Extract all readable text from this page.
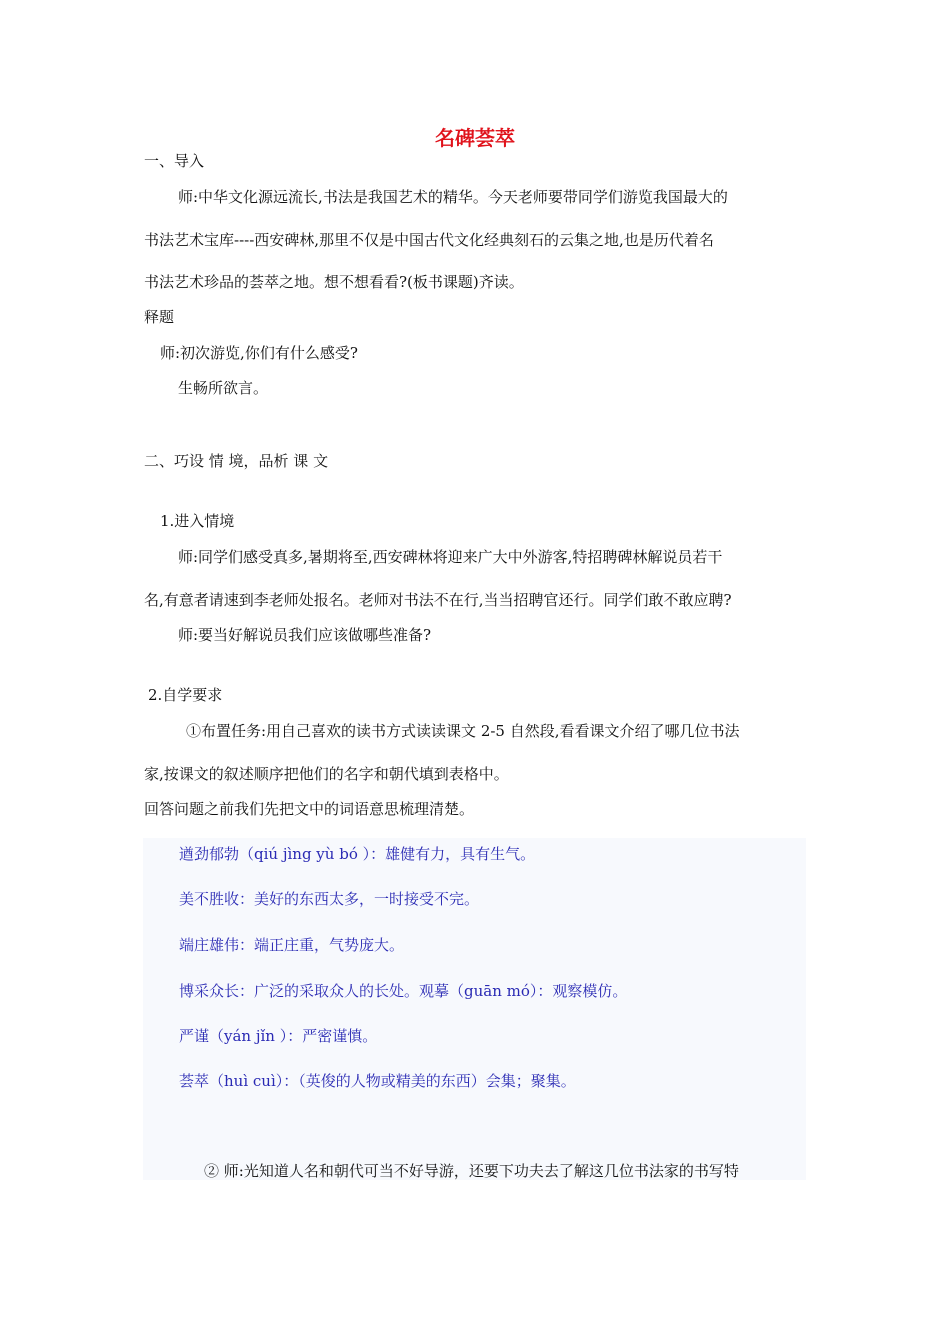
名碑荟萃
一、导入
师:中华文化源远流长,书法是我国艺术的精华。今天老师要带同学们游览我国最大的
书法艺术宝库----西安碑林,那里不仅是中国古代文化经典刻石的云集之地,也是历代着名
书法艺术珍品的荟萃之地。想不想看看?(板书课题)齐读。
释题
师:初次游览,你们有什么感受?
生畅所欲言。
二、巧设 情 境，品析 课 文
1.进入情境
师:同学们感受真多,暑期将至,西安碑林将迎来广大中外游客,特招聘碑林解说员若干
名,有意者请速到李老师处报名。老师对书法不在行,当当招聘官还行。同学们敢不敢应聘?
师:要当好解说员我们应该做哪些准备?
2.自学要求
①布置任务:用自己喜欢的读书方式读读课文 2-5 自然段,看看课文介绍了哪几位书法
家,按课文的叙述顺序把他们的名字和朝代填到表格中。
回答问题之前我们先把文中的词语意思梳理清楚。
遒劲郁勃（qiú jìng yù bó ）：雄健有力，具有生气。
美不胜收：美好的东西太多，一时接受不完。
端庄雄伟：端正庄重，气势庞大。
博采众长：广泛的采取众人的长处。观摹（guān mó）：观察模仿。
严谨（yán jǐn ）：严密谨慎。
荟萃（huì cuì）：（英俊的人物或精美的东西）会集；聚集。
② 师:光知道人名和朝代可当不好导游，还要下功夫去了解这几位书法家的书写特
